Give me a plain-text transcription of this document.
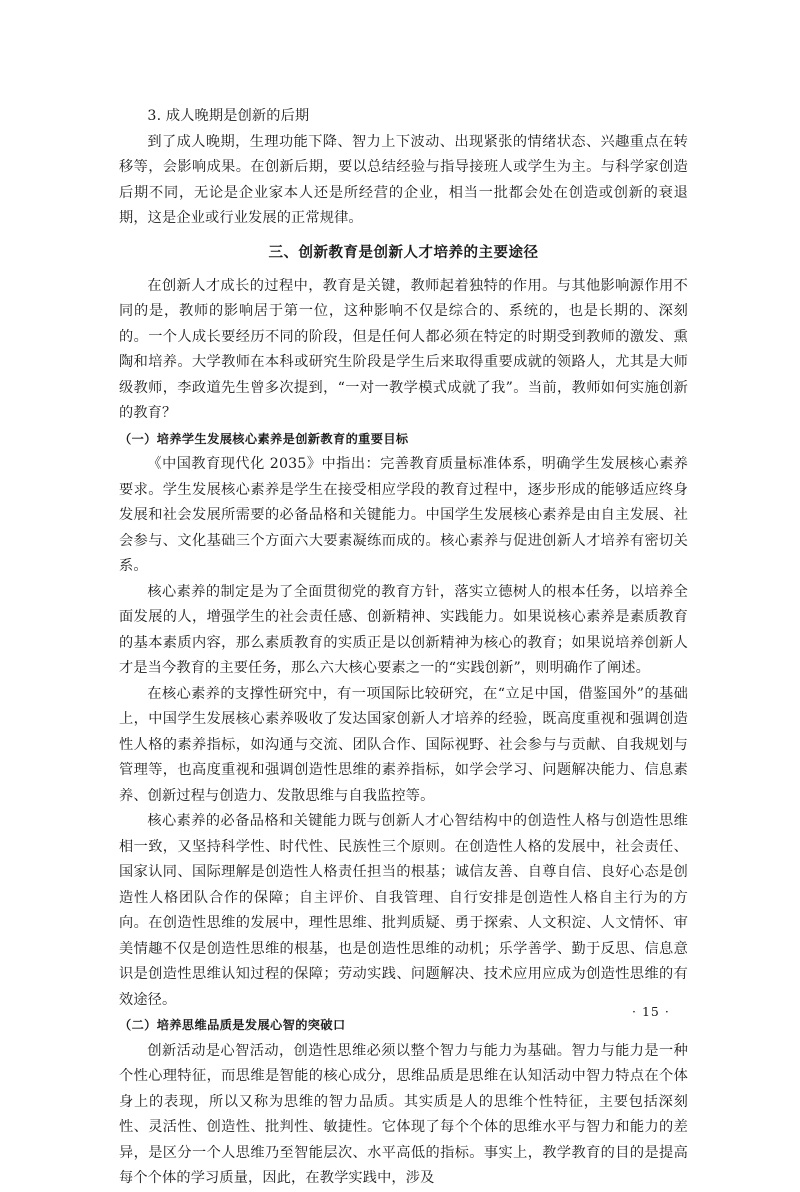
3. 成人晚期是创新的后期

到了成人晚期，生理功能下降、智力上下波动、出现紧张的情绪状态、兴趣重点在转移等，会影响成果。在创新后期，要以总结经验与指导接班人或学生为主。与科学家创造后期不同，无论是企业家本人还是所经营的企业，相当一批都会处在创造或创新的衰退期，这是企业或行业发展的正常规律。

三、创新教育是创新人才培养的主要途径

在创新人才成长的过程中，教育是关键，教师起着独特的作用。与其他影响源作用不同的是，教师的影响居于第一位，这种影响不仅是综合的、系统的，也是长期的、深刻的。一个人成长要经历不同的阶段，但是任何人都必须在特定的时期受到教师的激发、熏陶和培养。大学教师在本科或研究生阶段是学生后来取得重要成就的领路人，尤其是大师级教师，李政道先生曾多次提到，“一对一教学模式成就了我”。当前，教师如何实施创新的教育？

（一）培养学生发展核心素养是创新教育的重要目标

《中国教育现代化 2035》中指出：完善教育质量标准体系，明确学生发展核心素养要求。学生发展核心素养是学生在接受相应学段的教育过程中，逐步形成的能够适应终身发展和社会发展所需要的必备品格和关键能力。中国学生发展核心素养是由自主发展、社会参与、文化基础三个方面六大要素凝练而成的。核心素养与促进创新人才培养有密切关系。

核心素养的制定是为了全面贯彻党的教育方针，落实立德树人的根本任务，以培养全面发展的人，增强学生的社会责任感、创新精神、实践能力。如果说核心素养是素质教育的基本素质内容，那么素质教育的实质正是以创新精神为核心的教育；如果说培养创新人才是当今教育的主要任务，那么六大核心要素之一的“实践创新”，则明确作了阐述。

在核心素养的支撑性研究中，有一项国际比较研究，在“立足中国，借鉴国外”的基础上，中国学生发展核心素养吸收了发达国家创新人才培养的经验，既高度重视和强调创造性人格的素养指标，如沟通与交流、团队合作、国际视野、社会参与与贡献、自我规划与管理等，也高度重视和强调创造性思维的素养指标，如学会学习、问题解决能力、信息素养、创新过程与创造力、发散思维与自我监控等。

核心素养的必备品格和关键能力既与创新人才心智结构中的创造性人格与创造性思维相一致，又坚持科学性、时代性、民族性三个原则。在创造性人格的发展中，社会责任、国家认同、国际理解是创造性人格责任担当的根基；诚信友善、自尊自信、良好心态是创造性人格团队合作的保障；自主评价、自我管理、自行安排是创造性人格自主行为的方向。在创造性思维的发展中，理性思维、批判质疑、勇于探索、人文积淀、人文情怀、审美情趣不仅是创造性思维的根基，也是创造性思维的动机；乐学善学、勤于反思、信息意识是创造性思维认知过程的保障；劳动实践、问题解决、技术应用应成为创造性思维的有效途径。

（二）培养思维品质是发展心智的突破口

创新活动是心智活动，创造性思维必须以整个智力与能力为基础。智力与能力是一种个性心理特征，而思维是智能的核心成分，思维品质是思维在认知活动中智力特点在个体身上的表现，所以又称为思维的智力品质。其实质是人的思维个性特征，主要包括深刻性、灵活性、创造性、批判性、敏捷性。它体现了每个个体的思维水平与智力和能力的差异，是区分一个人思维乃至智能层次、水平高低的指标。事实上，教学教育的目的是提高每个个体的学习质量，因此，在教学实践中，涉及

· 15 ·
